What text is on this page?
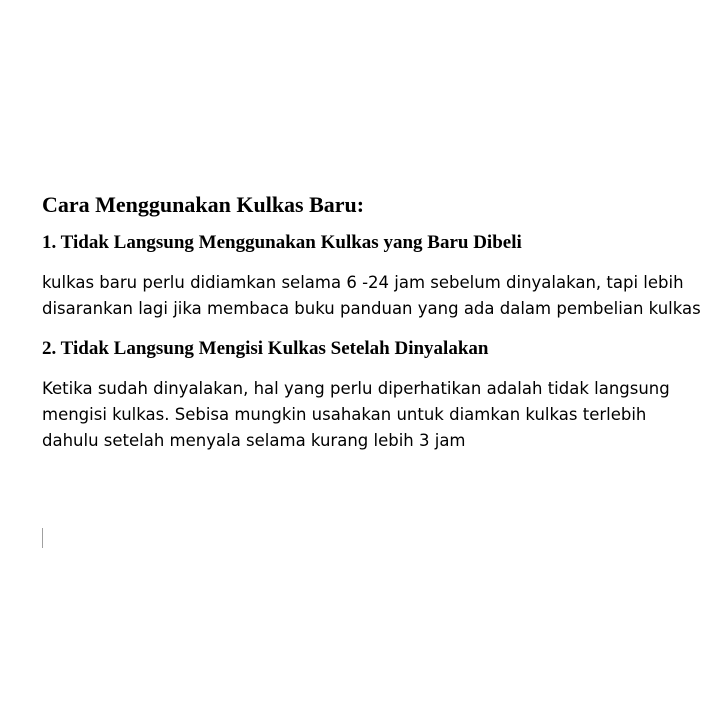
Cara Menggunakan Kulkas Baru:
1. Tidak Langsung Menggunakan Kulkas yang Baru Dibeli

kulkas baru perlu didiamkan selama 6 -24 jam sebelum dinyalakan, tapi lebih
disarankan lagi jika membaca buku panduan yang ada dalam pembelian kulkas

2. Tidak Langsung Mengisi Kulkas Setelah Dinyalakan

Ketika sudah dinyalakan, hal yang perlu diperhatikan adalah tidak langsung
mengisi kulkas. Sebisa mungkin usahakan untuk diamkan kulkas terlebih
dahulu setelah menyala selama kurang lebih 3 jam
